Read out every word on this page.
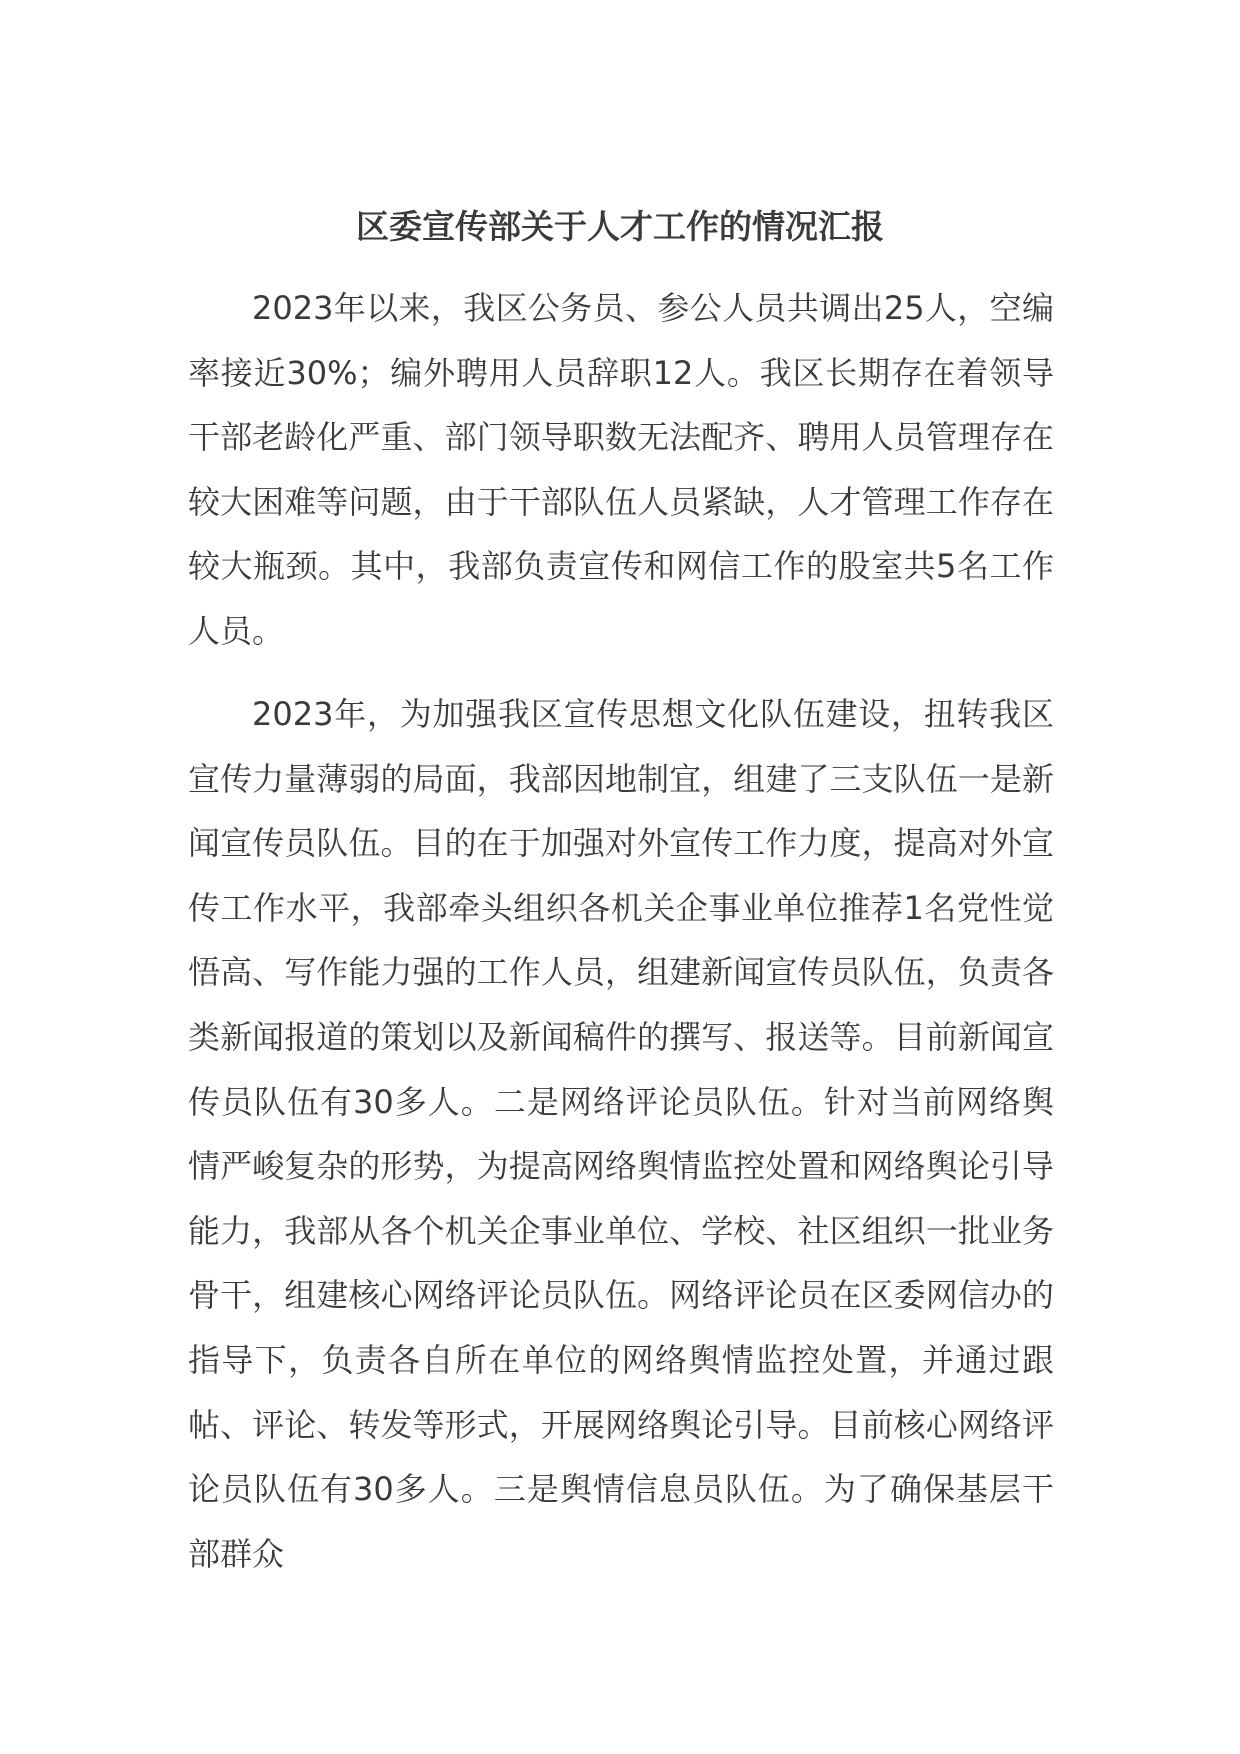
区委宣传部关于人才工作的情况汇报

2023年以来，我区公务员、参公人员共调出25人，空编率接近30%；编外聘用人员辞职12人。我区长期存在着领导干部老龄化严重、部门领导职数无法配齐、聘用人员管理存在较大困难等问题，由于干部队伍人员紧缺，人才管理工作存在较大瓶颈。其中，我部负责宣传和网信工作的股室共5名工作人员。

2023年，为加强我区宣传思想文化队伍建设，扭转我区宣传力量薄弱的局面，我部因地制宜，组建了三支队伍一是新闻宣传员队伍。目的在于加强对外宣传工作力度，提高对外宣传工作水平，我部牵头组织各机关企事业单位推荐1名党性觉悟高、写作能力强的工作人员，组建新闻宣传员队伍，负责各类新闻报道的策划以及新闻稿件的撰写、报送等。目前新闻宣传员队伍有30多人。二是网络评论员队伍。针对当前网络舆情严峻复杂的形势，为提高网络舆情监控处置和网络舆论引导能力，我部从各个机关企事业单位、学校、社区组织一批业务骨干，组建核心网络评论员队伍。网络评论员在区委网信办的指导下，负责各自所在单位的网络舆情监控处置，并通过跟帖、评论、转发等形式，开展网络舆论引导。目前核心网络评论员队伍有30多人。三是舆情信息员队伍。为了确保基层干部群众
